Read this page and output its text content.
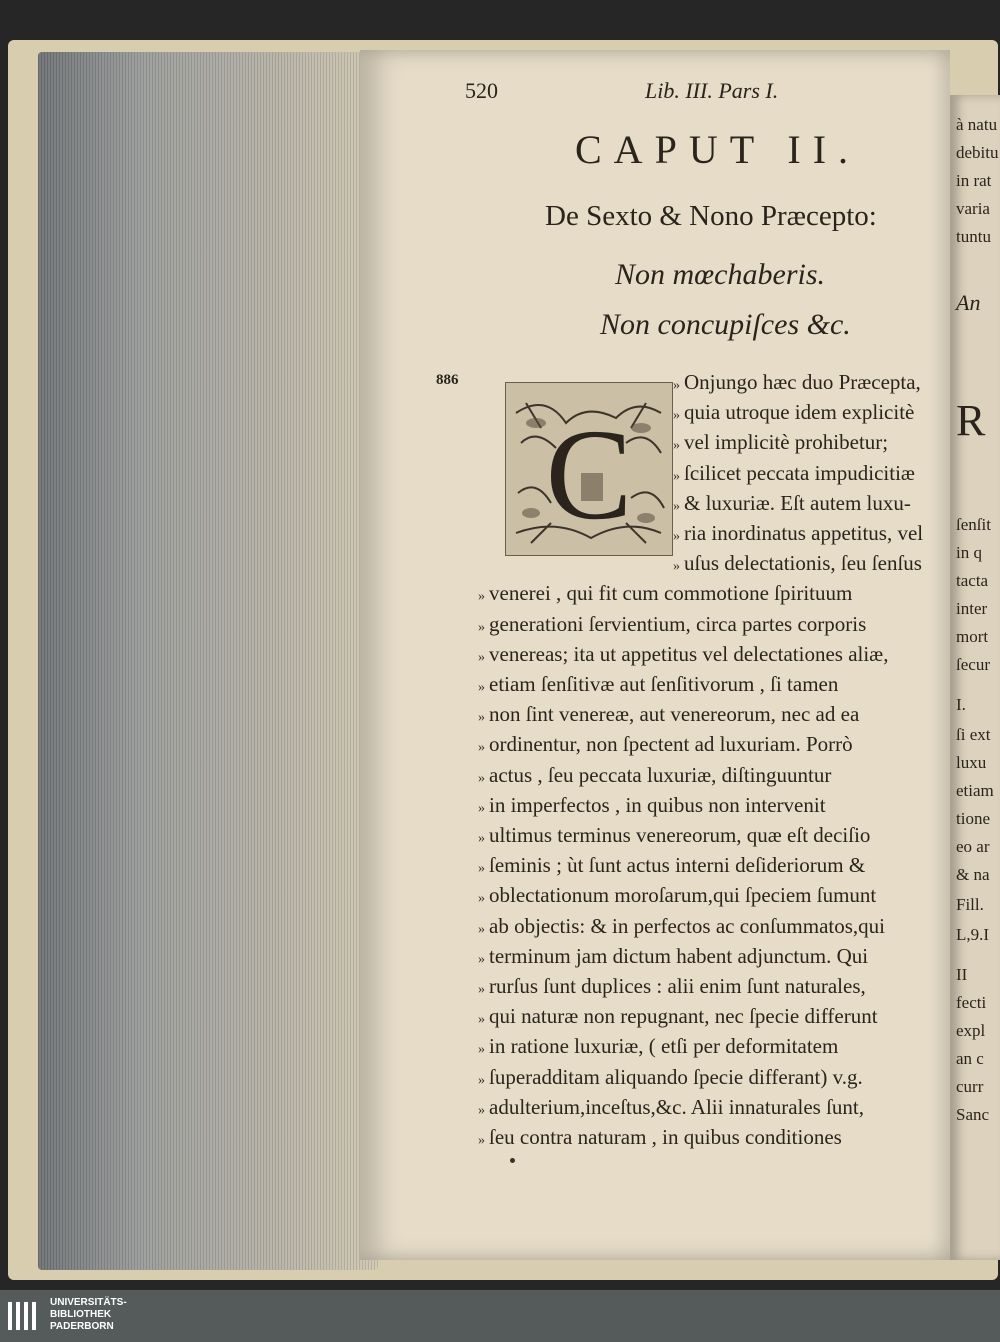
520	Lib. III. Pars I.
CAPUT II.
De Sexto & Nono Præcepto:
Non mœchaberis.
Non concupiſces &c.
886
C
» Onjungo hæc duo Præcepta,
» quia utroque idem explicitè
» vel implicitè prohibetur;
» ſcilicet peccata impudicitiæ
» & luxuriæ. Eſt autem luxu-
» ria inordinatus appetitus, vel
» uſus delectationis, ſeu ſenſus
» venerei , qui fit cum commotione ſpirituum
» generationi ſervientium, circa partes corporis
» venereas; ita ut appetitus vel delectationes aliæ,
» etiam ſenſitivæ aut ſenſitivorum , ſi tamen
» non ſint venereæ, aut venereorum, nec ad ea
» ordinentur, non ſpectent ad luxuriam. Porrò
» actus , ſeu peccata luxuriæ, diſtinguuntur
» in imperfectos , in quibus non intervenit
» ultimus terminus venereorum, quæ eſt deciſio
» ſeminis ; ùt ſunt actus interni deſideriorum &
» oblectationum moroſarum,qui ſpeciem ſumunt
» ab objectis: & in perfectos ac conſummatos,qui
» terminum jam dictum habent adjunctum. Qui
» rurſus ſunt duplices : alii enim ſunt naturales,
» qui naturæ non repugnant, nec ſpecie differunt
» in ratione luxuriæ, ( etſi per deformitatem
» ſuperadditam aliquando ſpecie differant) v.g.
» adulterium,inceſtus,&c. Alii innaturales ſunt,
» ſeu contra naturam , in quibus conditiones
à natu
debitu
in rat
varia
tuntu
An
R
ſenſit
in q
tacta
inter
mort
ſecur
I.
ſi ext
luxu
etiam
tione
eo ar
& na
Fill.
L,9.I
II
fecti
expl
an c
curr
Sanc
UNIVERSITÄTS-
BIBLIOTHEK
PADERBORN
